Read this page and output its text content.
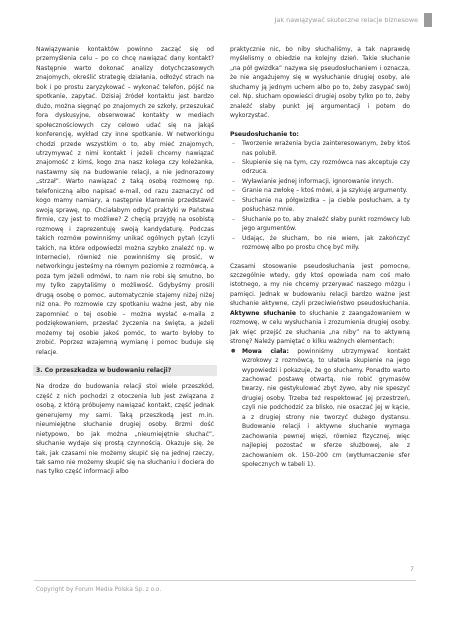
Jak nawiązywać skuteczne relacje biznesowe

Nawiązywanie kontaktów powinno zacząć się od przemyślenia celu – po co chcę nawiązać dany kontakt? Następnie warto dokonać analizy dotychczasowych znajomych, określić strategię działania, odłożyć strach na bok i po prostu zaryzykować – wykonać telefon, pójść na spotkanie, zapytać. Dzisiaj źródeł kontaktu jest bardzo dużo, można sięgnąć po znajomych ze szkoły, przeszukać fora dyskusyjne, obserwować kontakty w mediach społecznościowych czy celowo udać się na jakąś konferencję, wykład czy inne spotkanie. W networkingu chodzi przede wszystkim o to, aby mieć znajomych, utrzymywać z nimi kontakt i jeżeli chcemy nawiązać znajomość z kimś, kogo zna nasz kolega czy koleżanka, nastawmy się na budowanie relacji, a nie jednorazowy „strzał”. Warto nawiązać z taką osobą rozmowę np. telefoniczną albo napisać e-mail, od razu zaznaczyć od kogo mamy namiary, a następnie klarownie przedstawić swoją sprawę, np. Chciałabym odbyć praktyki w Państwa firmie, czy jest to możliwe? Z chęcią przyjdę na osobistą rozmowę i zaprezentuję swoją kandydaturę. Podczas takich rozmów powinniśmy unikać ogólnych pytań (czyli takich, na które odpowiedzi można szybko znaleźć np. w Internecie), również nie powinniśmy się prosić, w networkingu jesteśmy na równym poziomie z rozmówcą, a poza tym jeżeli odmówi, to nam nie robi się smutno, bo my tylko zapytaliśmy o możliwość. Gdybyśmy prosili drugą osobę o pomoc, automatycznie stajemy niżej niżej niż ona. Po rozmowie czy spotkaniu ważne jest, aby nie zapomnieć o tej osobie – można wysłać e-maila z podziękowaniem, przesłać życzenia na święta, a jeżeli możemy tej osobie jakoś pomóc, to warto byłoby to zrobić. Poprzez wzajemną wymianę i pomoc buduje się relacje.

3. Co przeszkadza w budowaniu relacji?

Na drodze do budowania relacji stoi wiele przeszkód, część z nich pochodzi z otoczenia lub jest związana z osobą, z którą próbujemy nawiązać kontakt, część jednak generujemy my sami. Taką przeszkodą jest m.in. nieumiejętne słuchanie drugiej osoby. Brzmi dość nietypowo, bo jak można „nieumiejętnie słuchać”, słuchanie wydaje się prostą czynnością. Okazuje się, że tak, jak czasami nie możemy skupić się na jednej rzeczy, tak samo nie możemy skupić się na słuchaniu i dociera do nas tylko część informacji albo

praktycznie nic, bo niby słuchaliśmy, a tak naprawdę myślelismy o obiedzie na kolejny dzień. Takie słuchanie „na pół gwizdka” nazywa się pseudosłuchaniem i oznacza, że nie angażujemy się w wysłuchanie drugiej osoby, ale słuchamy ją jednym uchem albo po to, żeby zasypać swój cel. Np. słucham opowieści drugiej osoby tylko po to, żeby znaleźć słaby punkt jej argumentacji i potem do wykorzystać.

Pseudosłuchanie to:

– Tworzenie wrażenia bycia zainteresowanym, żeby ktoś nas polubił.
– Skupienie się na tym, czy rozmówca nas akceptuje czy odrzuca.
– Wyławianie jednej informacji, ignorowanie innych.
– Granie na zwłokę – ktoś mówi, a ja szykuję argumenty.
– Słuchanie na półgwizdka – ja cieble posłucham, a ty posłuchasz mnie.
– Słuchanie po to, aby znaleźć słaby punkt rozmówcy lub jego argumentów.
– Udając, że słucham, bo nie wiem, jak zakończyć rozmowę albo po prostu chcę być miły.

Czasami stosowanie pseudosłuchania jest pomocne, szczególnie wtedy, gdy ktoś opowiada nam coś mało istotnego, a my nie chcemy przerywać naszego mózgu i pamięci. Jednak w budowaniu relacji bardzo ważne jest słuchanie aktywne, czyli przeciwieństwo pseudosłuchania. Aktywne słuchanie to słuchanie z zaangażowaniem w rozmowę, w celu wysłuchania i zrozumienia drugiej osoby. Jak więc przejść ze słuchania „na niby” na to aktywną stronę? Należy pamiętać o kilku ważnych elementach:

● Mowa ciała: powinniśmy utrzymywać kontakt wzrokowy z rozmówcą, to ułatwia skupienie na jego wypowiedzi i pokazuje, że go słuchamy. Ponadto warto zachować postawę otwartą, nie robić grymasów twarzy, nie gestykulować zbyt żywo, aby nie speszyć drugiej osoby. Trzeba też respektować jej przestrzeń, czyli nie podchodzić za blisko, nie osaczać jej w kącie, a z drugiej strony nie tworzyć dużego dystansu. Budowanie relacji i aktywne słuchanie wymaga zachowania pewnej więzi, równiez fizycznej, więc najlepiej pozostać w sferze służbowej, ale z zachowaniem ok. 150–200 cm (wytłumaczenie sfer społecznych w tabeli 1).
7
Copyright by Forum Media Polska Sp. z o.o.
